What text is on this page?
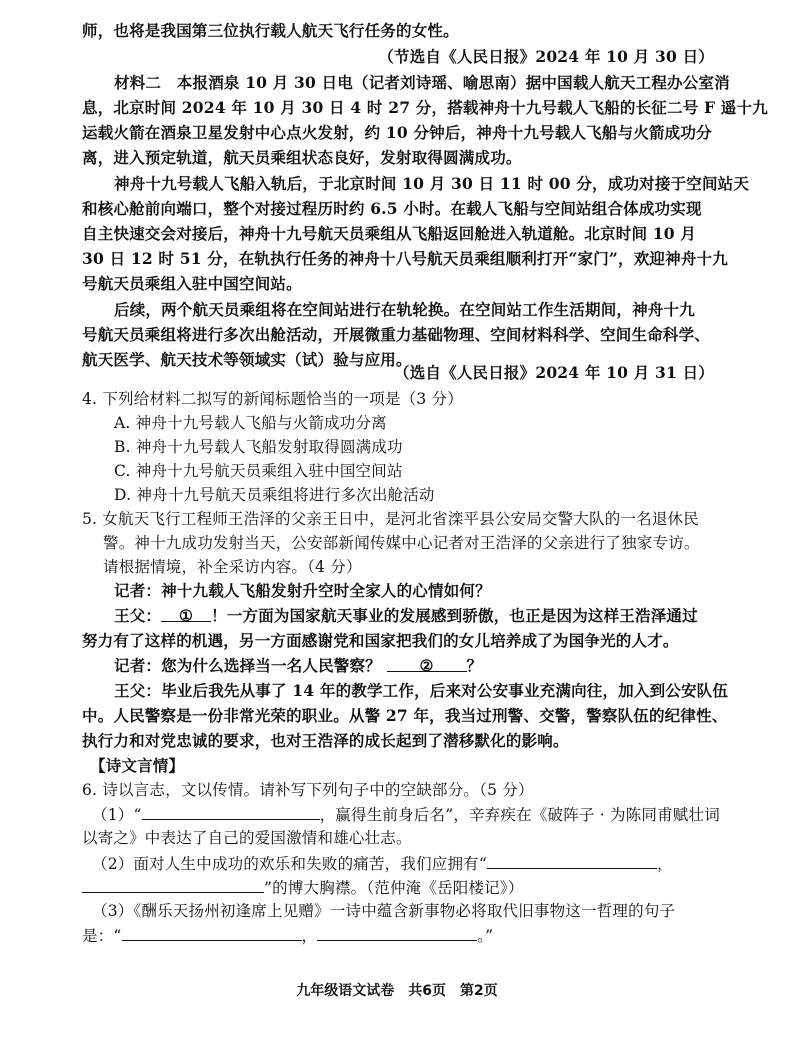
师，也将是我国第三位执行载人航天飞行任务的女性。
（节选自《人民日报》2024 年 10 月 30 日）
材料二　本报酒泉 10 月 30 日电（记者刘诗瑶、喻思南）据中国载人航天工程办公室消
息，北京时间 2024 年 10 月 30 日 4 时 27 分，搭载神舟十九号载人飞船的长征二号 F 遥十九
运载火箭在酒泉卫星发射中心点火发射，约 10 分钟后，神舟十九号载人飞船与火箭成功分
离，进入预定轨道，航天员乘组状态良好，发射取得圆满成功。
神舟十九号载人飞船入轨后，于北京时间 10 月 30 日 11 时 00 分，成功对接于空间站天
和核心舱前向端口，整个对接过程历时约 6.5 小时。在载人飞船与空间站组合体成功实现
自主快速交会对接后，神舟十九号航天员乘组从飞船返回舱进入轨道舱。北京时间 10 月
30 日 12 时 51 分，在轨执行任务的神舟十八号航天员乘组顺利打开“家门”，欢迎神舟十九
号航天员乘组入驻中国空间站。
后续，两个航天员乘组将在空间站进行在轨轮换。在空间站工作生活期间，神舟十九
号航天员乘组将进行多次出舱活动，开展微重力基础物理、空间材料科学、空间生命科学、
航天医学、航天技术等领域实（试）验与应用。
（选自《人民日报》2024 年 10 月 31 日）
4. 下列给材料二拟写的新闻标题恰当的一项是（3 分）
A. 神舟十九号载人飞船与火箭成功分离
B. 神舟十九号载人飞船发射取得圆满成功
C. 神舟十九号航天员乘组入驻中国空间站
D. 神舟十九号航天员乘组将进行多次出舱活动
5. 女航天飞行工程师王浩泽的父亲王日中，是河北省滦平县公安局交警大队的一名退休民
警。神十九成功发射当天，公安部新闻传媒中心记者对王浩泽的父亲进行了独家专访。
请根据情境，补全采访内容。（4 分）
记者：神十九载人飞船发射升空时全家人的心情如何？
王父： ① ！一方面为国家航天事业的发展感到骄傲，也正是因为这样王浩泽通过
努力有了这样的机遇，另一方面感谢党和国家把我们的女儿培养成了为国争光的人才。
记者：您为什么选择当一名人民警察？ ② ？
王父：毕业后我先从事了 14 年的教学工作，后来对公安事业充满向往，加入到公安队伍
中。人民警察是一份非常光荣的职业。从警 27 年，我当过刑警、交警，警察队伍的纪律性、
执行力和对党忠诚的要求，也对王浩泽的成长起到了潜移默化的影响。
【诗文言情】
6. 诗以言志，文以传情。请补写下列句子中的空缺部分。（5 分）
（1）“	，赢得生前身后名”，辛弃疾在《破阵子 · 为陈同甫赋壮词
以寄之》中表达了自己的爱国激情和雄心壮志。
（2）面对人生中成功的欢乐和失败的痛苦，我们应拥有“	，
”的博大胸襟。（范仲淹《岳阳楼记》）
（3）《酬乐天扬州初逢席上见赠》一诗中蕴含新事物必将取代旧事物这一哲理的句子
是：“	，	。”
九年级语文试卷　共6页　第2页
